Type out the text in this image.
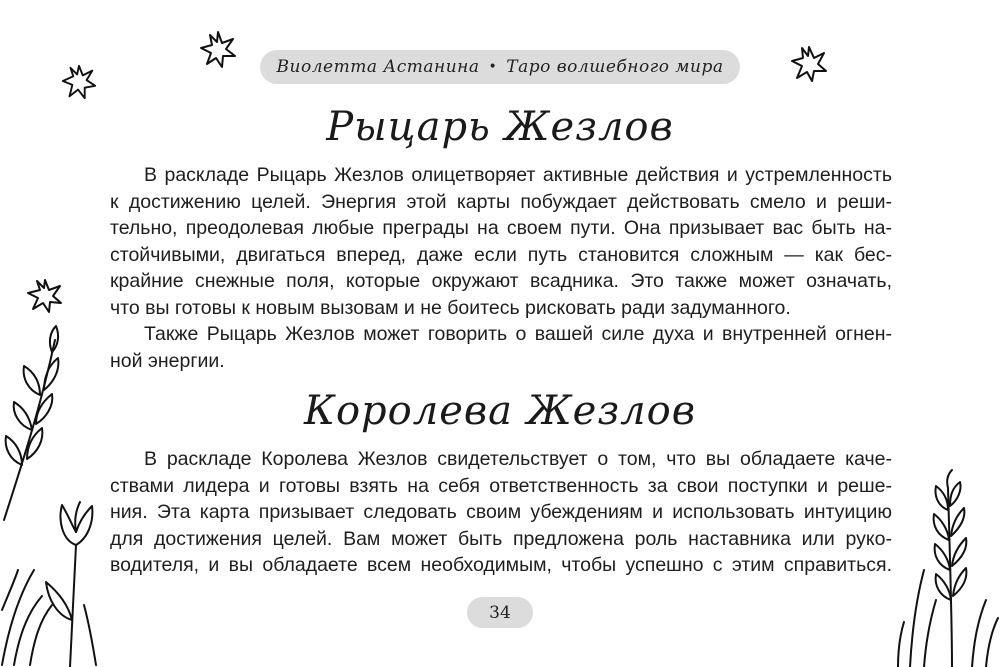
Виолетта Астанина • Таро волшебного мира
Рыцарь Жезлов

В раскладе Рыцарь Жезлов олицетворяет активные действия и устремленность
к достижению целей. Энергия этой карты побуждает действовать смело и реши-
тельно, преодолевая любые преграды на своем пути. Она призывает вас быть на-
стойчивыми, двигаться вперед, даже если путь становится сложным — как бес-
крайние снежные поля, которые окружают всадника. Это также может означать,
что вы готовы к новым вызовам и не боитесь рисковать ради задуманного.

Также Рыцарь Жезлов может говорить о вашей силе духа и внутренней огнен-
ной энергии.

Королева Жезлов

В раскладе Королева Жезлов свидетельствует о том, что вы обладаете каче-
ствами лидера и готовы взять на себя ответственность за свои поступки и реше-
ния. Эта карта призывает следовать своим убеждениям и использовать интуицию
для достижения целей. Вам может быть предложена роль наставника или руко-
водителя, и вы обладаете всем необходимым, чтобы успешно с этим справиться.

34
